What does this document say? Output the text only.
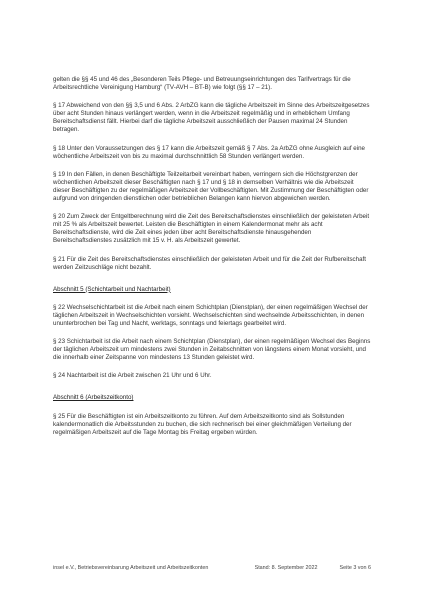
gelten die §§ 45 und 46 des „Besonderen Teils Pflege- und Betreuungseinrichtungen des Tarifvertrags für die Arbeitsrechtliche Vereinigung Hamburg“ (TV-AVH – BT-B) wie folgt (§§ 17 – 21).

§ 17 Abweichend von den §§ 3,5 und 6 Abs. 2 ArbZG kann die tägliche Arbeitszeit im Sinne des Arbeitszeitgesetzes über acht Stunden hinaus verlängert werden, wenn in die Arbeitszeit regelmäßig und in erheblichem Umfang Bereitschaftsdienst fällt. Hierbei darf die tägliche Arbeitszeit ausschließlich der Pausen maximal 24 Stunden betragen.

§ 18 Unter den Voraussetzungen des § 17 kann die Arbeitszeit gemäß § 7 Abs. 2a ArbZG ohne Ausgleich auf eine wöchentliche Arbeitszeit von bis zu maximal durchschnittlich 58 Stunden verlängert werden.

§ 19 In den Fällen, in denen Beschäftigte Teilzeitarbeit vereinbart haben, verringern sich die Höchstgrenzen der wöchentlichen Arbeitszeit dieser Beschäftigten nach § 17 und § 18 in demselben Verhältnis wie die Arbeitszeit dieser Beschäftigten zu der regelmäßigen Arbeitszeit der Vollbeschäftigten. Mit Zustimmung der Beschäftigten oder aufgrund von dringenden dienstlichen oder betrieblichen Belangen kann hiervon abgewichen werden.

§ 20 Zum Zweck der Entgeltberechnung wird die Zeit des Bereitschaftsdienstes einschließlich der geleisteten Arbeit mit 25 % als Arbeitszeit bewertet. Leisten die Beschäftigten in einem Kalendermonat mehr als acht Bereitschaftsdienste, wird die Zeit eines jeden über acht Bereitschaftsdienste hinausgehenden Bereitschaftsdienstes zusätzlich mit 15 v. H. als Arbeitszeit gewertet.

§ 21 Für die Zeit des Bereitschaftsdienstes einschließlich der geleisteten Arbeit und für die Zeit der Rufbereitschaft werden Zeitzuschläge nicht bezahlt.

Abschnitt 5 (Schichtarbeit und Nachtarbeit)

§ 22 Wechselschichtarbeit ist die Arbeit nach einem Schichtplan (Dienstplan), der einen regelmäßigen Wechsel der täglichen Arbeitszeit in Wechselschichten vorsieht. Wechselschichten sind wechselnde Arbeitsschichten, in denen ununterbrochen bei Tag und Nacht, werktags, sonntags und feiertags gearbeitet wird.

§ 23 Schichtarbeit ist die Arbeit nach einem Schichtplan (Dienstplan), der einen regelmäßigen Wechsel des Beginns der täglichen Arbeitszeit um mindestens zwei Stunden in Zeitabschnitten von längstens einem Monat vorsieht, und die innerhalb einer Zeitspanne von mindestens 13 Stunden geleistet wird.

§ 24 Nachtarbeit ist die Arbeit zwischen 21 Uhr und 6 Uhr.

Abschnitt 6 (Arbeitszeitkonto)

§ 25 Für die Beschäftigten ist ein Arbeitszeitkonto zu führen. Auf dem Arbeitszeitkonto sind als Sollstunden kalendermonatlich die Arbeitsstunden zu buchen, die sich rechnerisch bei einer gleichmäßigen Verteilung der regelmäßigen Arbeitszeit auf die Tage Montag bis Freitag ergeben würden.

insel e.V., Betriebsvereinbarung Arbeitszeit und Arbeitszeitkonten	Stand: 8. September 2022	Seite 3 von 6
